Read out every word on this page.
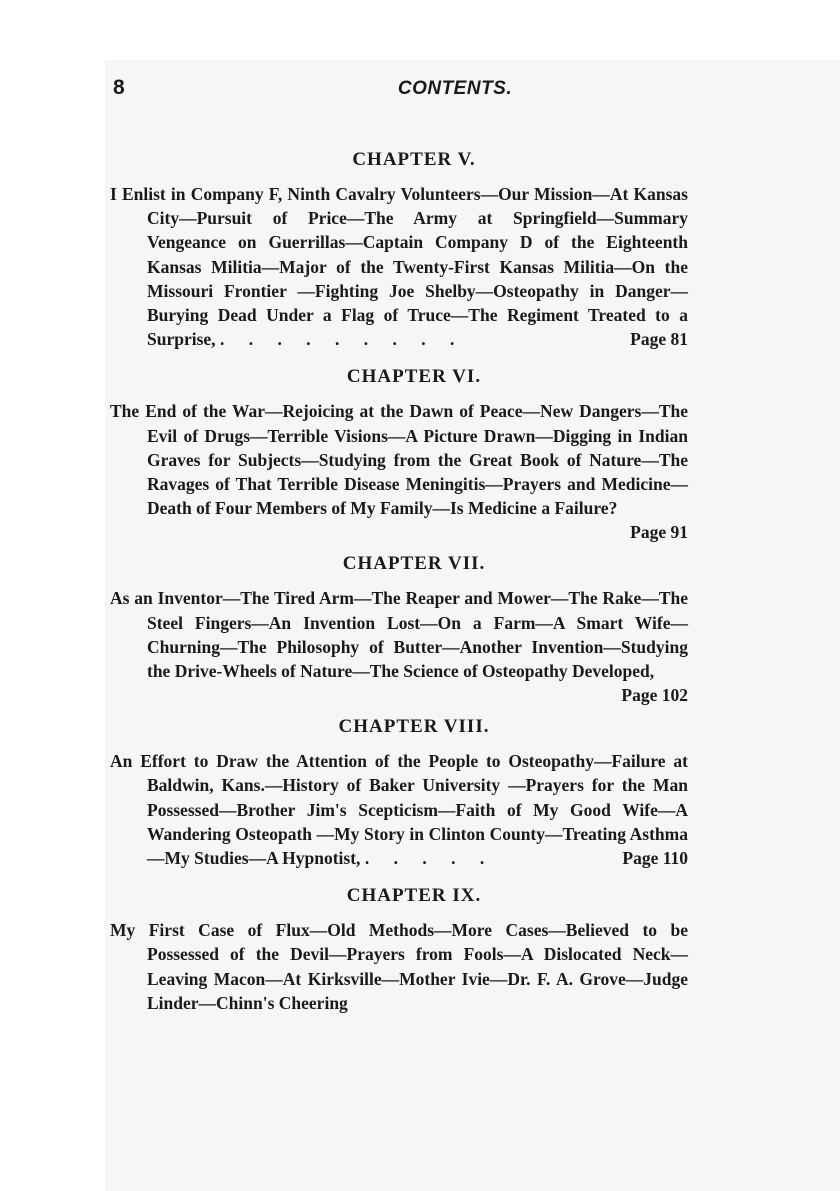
8	CONTENTS.
CHAPTER V.

I Enlist in Company F, Ninth Cavalry Volunteers—Our Mission—At Kansas City—Pursuit of Price—The Army at Springfield—Summary Vengeance on Guerrillas—Captain Company D of the Eighteenth Kansas Militia—Major of the Twenty-First Kansas Militia—On the Missouri Frontier —Fighting Joe Shelby—Osteopathy in Danger—Burying Dead Under a Flag of Truce—The Regiment Treated to a Surprise, . . . . . . . . .	Page 81

CHAPTER VI.

The End of the War—Rejoicing at the Dawn of Peace—New Dangers—The Evil of Drugs—Terrible Visions—A Picture Drawn—Digging in Indian Graves for Subjects—Studying from the Great Book of Nature—The Ravages of That Terrible Disease Meningitis—Prayers and Medicine—Death of Four Members of My Family—Is Medicine a Failure?

Page 91

CHAPTER VII.

As an Inventor—The Tired Arm—The Reaper and Mower—The Rake—The Steel Fingers—An Invention Lost—On a Farm—A Smart Wife—Churning—The Philosophy of Butter—Another Invention—Studying the Drive-Wheels of Nature—The Science of Osteopathy Developed,

Page 102

CHAPTER VIII.

An Effort to Draw the Attention of the People to Osteopathy—Failure at Baldwin, Kans.—History of Baker University —Prayers for the Man Possessed—Brother Jim's Scepticism—Faith of My Good Wife—A Wandering Osteopath —My Story in Clinton County—Treating Asthma—My Studies—A Hypnotist, . . . . .	Page 110

CHAPTER IX.

My First Case of Flux—Old Methods—More Cases—Believed to be Possessed of the Devil—Prayers from Fools—A Dislocated Neck—Leaving Macon—At Kirksville—Mother Ivie—Dr. F. A. Grove—Judge Linder—Chinn's Cheering
